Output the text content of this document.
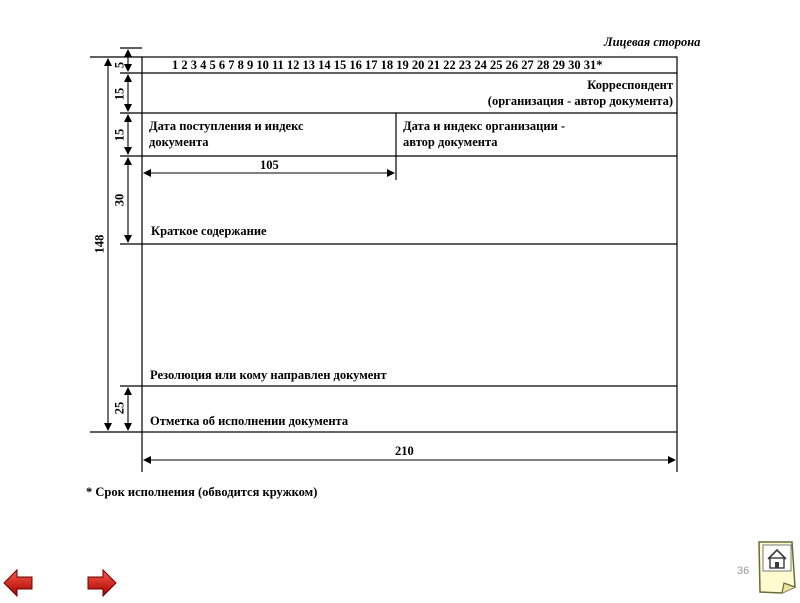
Лицевая сторона
1 2 3 4 5 6 7 8 9 10 11 12 13 14 15 16 17 18 19 20 21 22 23 24 25 26 27 28 29 30 31*
Корреспондент
(организация - автор документа)
Дата поступления и индекс
документа
Дата и индекс организации -
автор документа
Краткое содержание
Резолюция или кому направлен документ
Отметка об исполнении документа
5
15
15
30
148
25
105
210
* Срок исполнения (обводится кружком)
36
